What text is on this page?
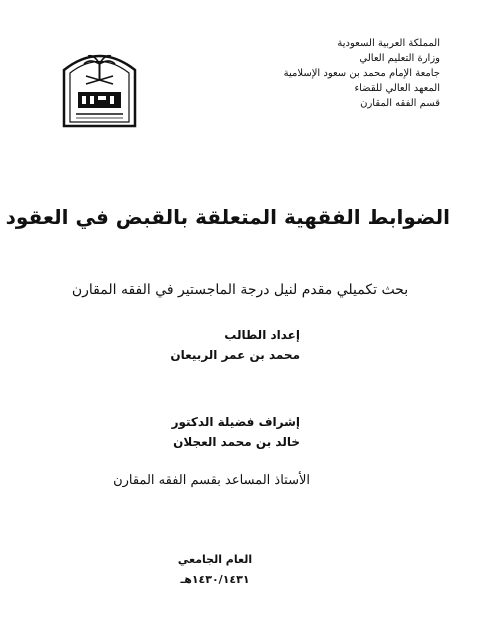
المملكة العربية السعودية
وزارة التعليم العالي
جامعة الإمام محمد بن سعود الإسلامية
المعهد العالي للقضاء
قسم الفقه المقارن
الضوابط الفقهية المتعلقة بالقبض في العقود
بحث تكميلي مقدم لنيل درجة الماجستير في الفقه المقارن
إعداد الطالب
محمد بن عمر الربيعان
إشراف فضيلة الدكتور
خالد بن محمد العجلان
الأستاذ المساعد بقسم الفقه المقارن
العام الجامعي
١٤٣٠/١٤٣١هـ
